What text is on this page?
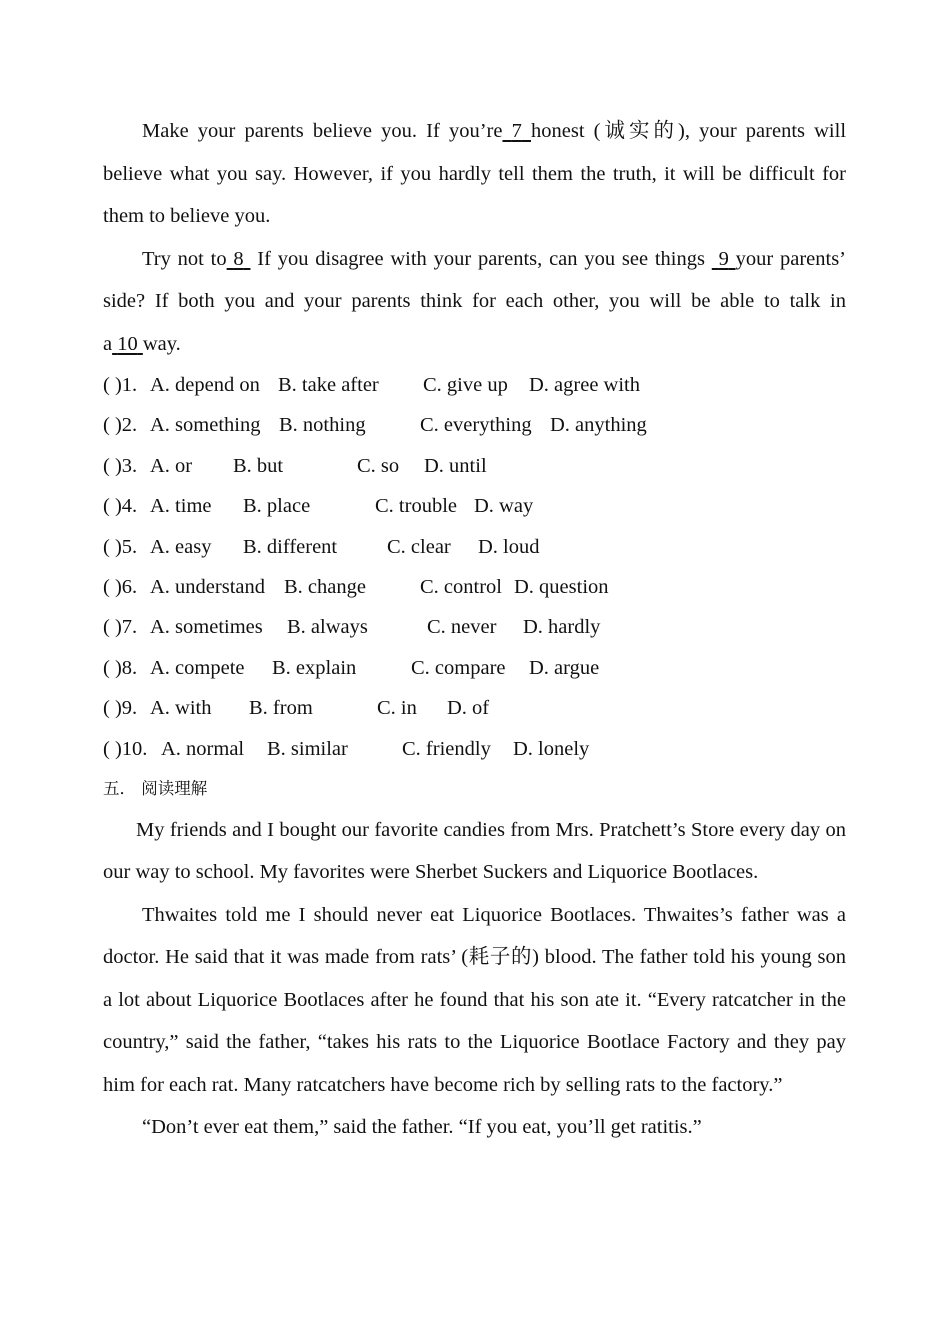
Make your parents believe you. If you’re 7 honest (诚实的), your parents will believe what you say. However, if you hardly tell them the truth, it will be difficult for them to believe you.

Try not to 8 If you disagree with your parents, can you see things 9 your parents’ side? If both you and your parents think for each other, you will be able to talk in a 10 way.

( )1. A. depend on B. take after C. give up D. agree with

( )2. A. something B. nothing	C. everything D. anything

( )3. A. or B. but	C. so D. until

( )4. A. time B. place	C. trouble D. way

( )5. A. easy B. different C. clear D. loud

( )6. A. understand B. change	C. control D. question

( )7. A. sometimes B. always	C. never D. hardly

( )8. A. compete B. explain	C. compare D. argue

( )9. A. with B. from	C. in D. of

( )10. A. normal B. similar	C. friendly D. lonely

五． 阅读理解

My friends and I bought our favorite candies from Mrs. Pratchett’s Store every day on our way to school. My favorites were Sherbet Suckers and Liquorice Bootlaces.

Thwaites told me I should never eat Liquorice Bootlaces. Thwaites’s father was a doctor. He said that it was made from rats’ (耗子的) blood. The father told his young son a lot about Liquorice Bootlaces after he found that his son ate it. “Every ratcatcher in the country,” said the father, “takes his rats to the Liquorice Bootlace Factory and they pay him for each rat. Many ratcatchers have become rich by selling rats to the factory.”

“Don’t ever eat them,” said the father. “If you eat, you’ll get ratitis.”
